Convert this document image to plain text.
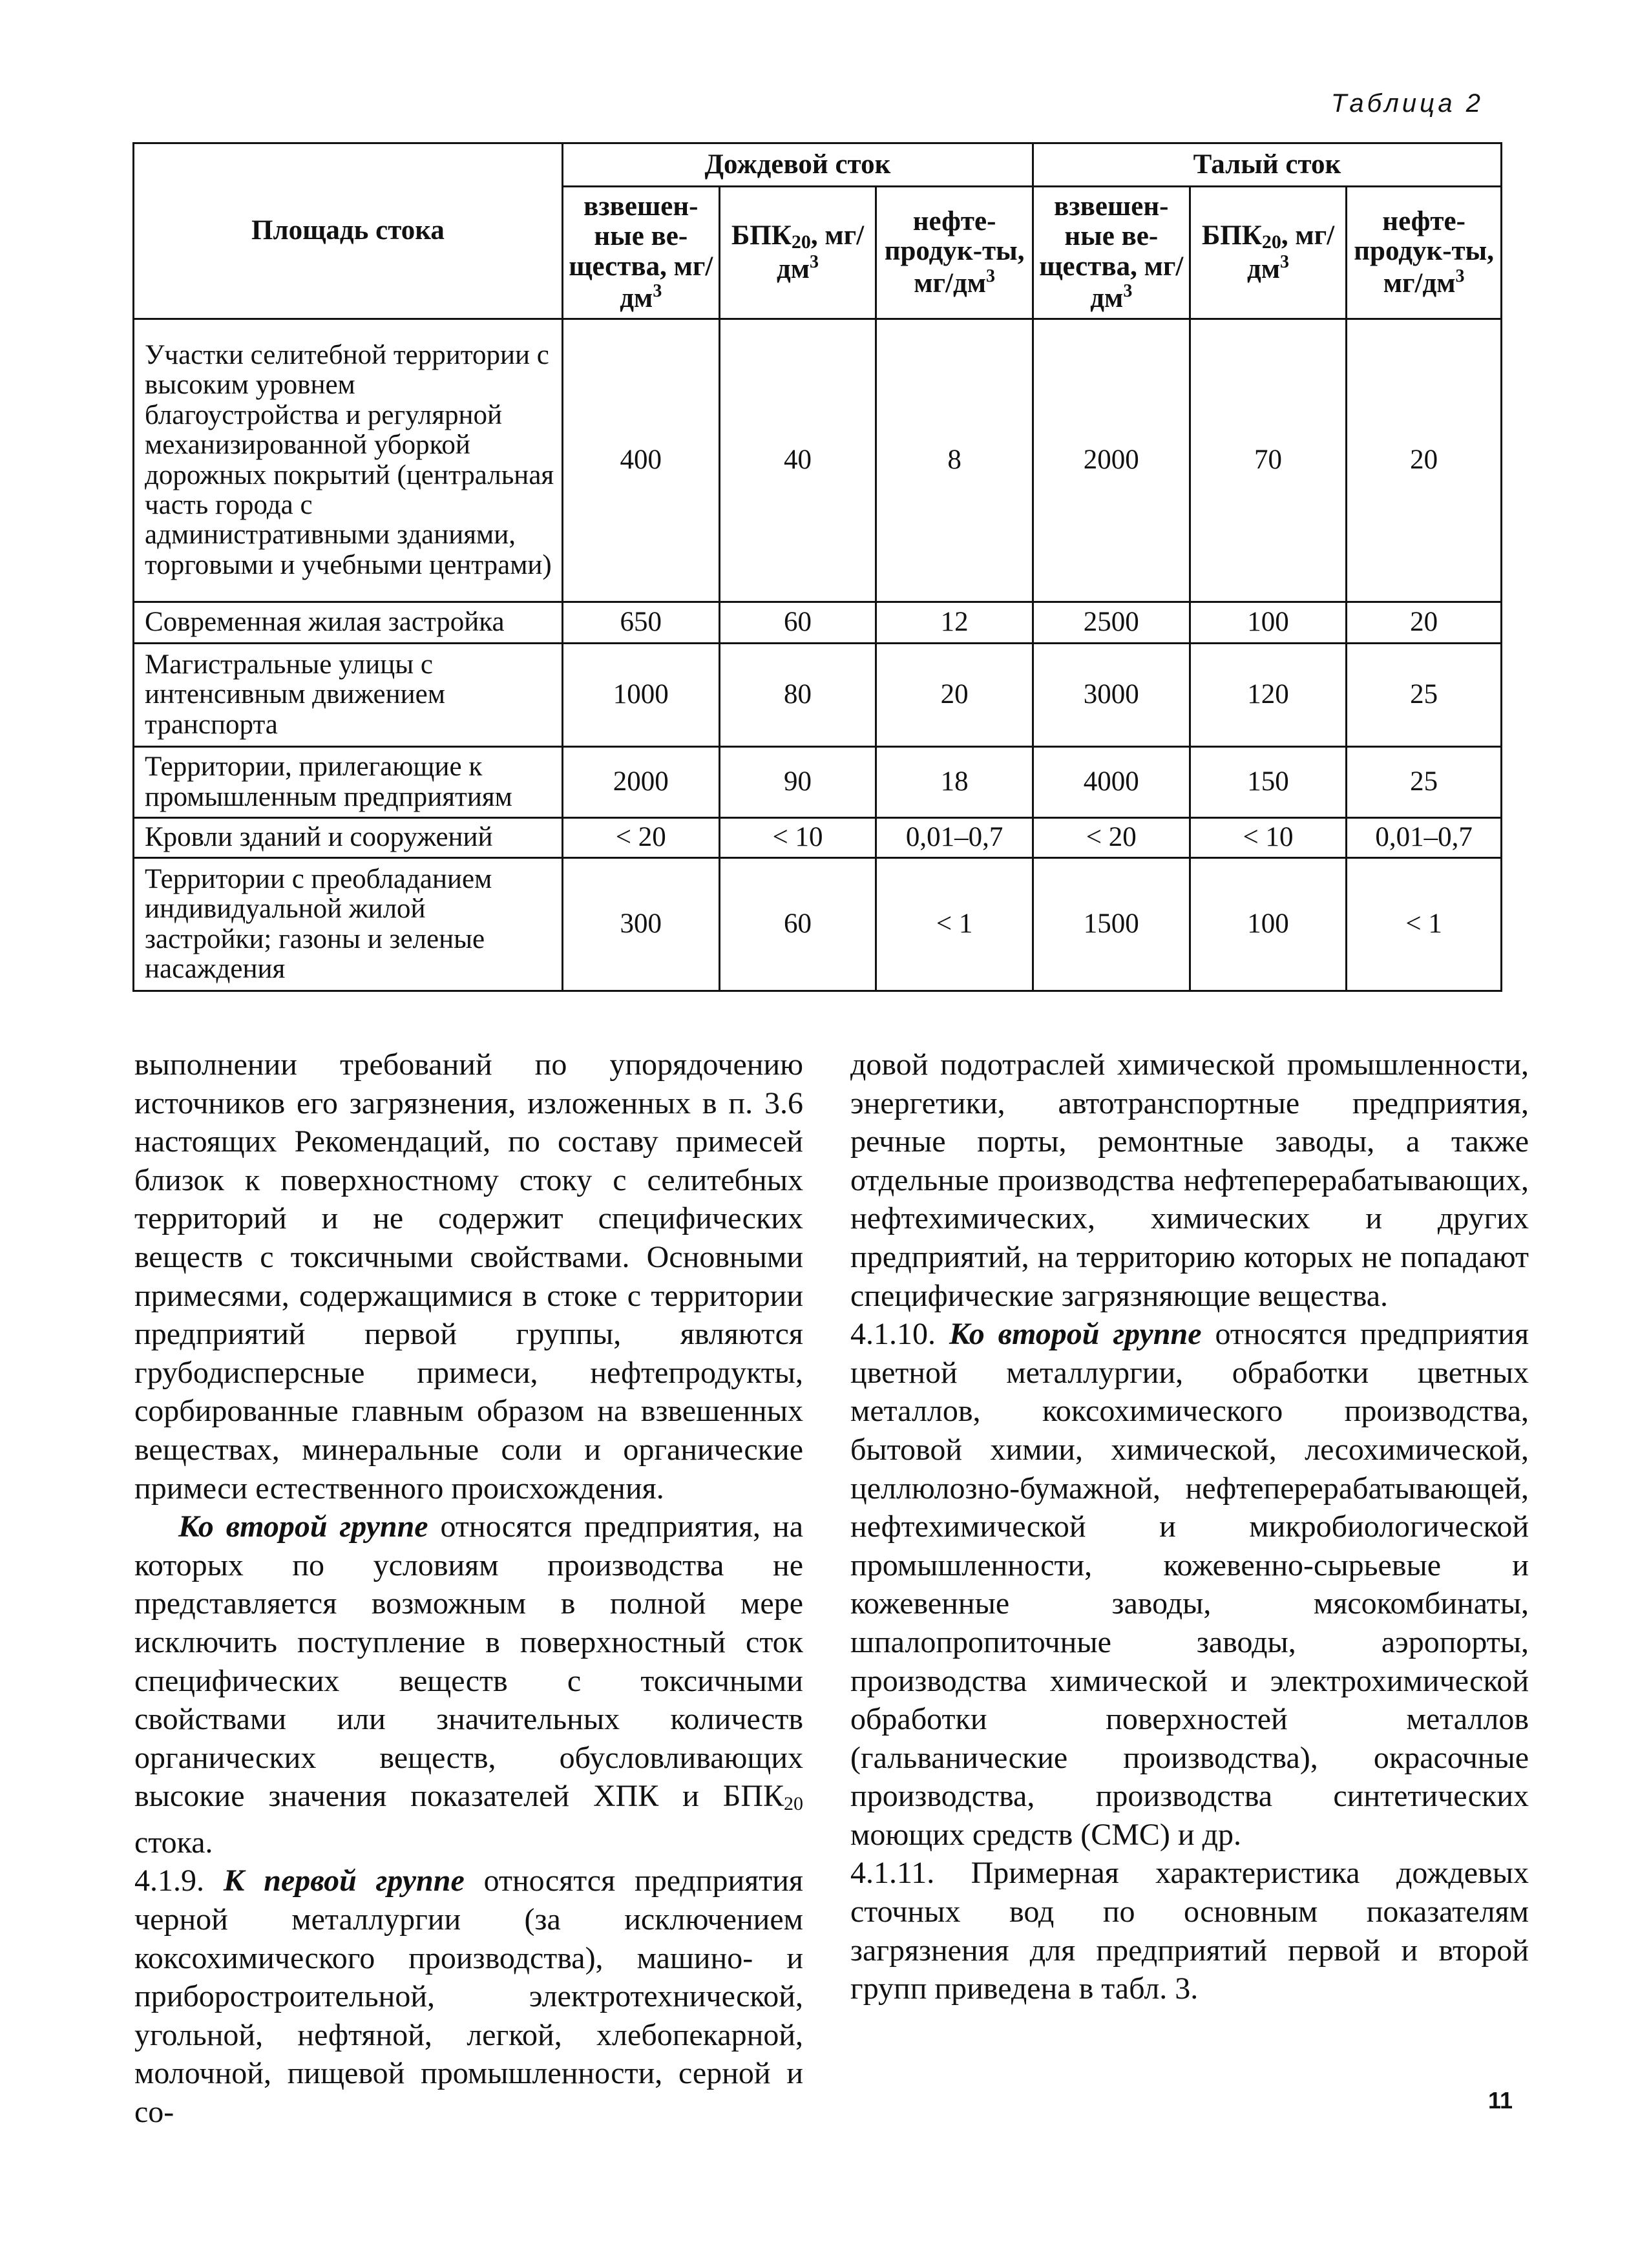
Таблица 2
Площадь стока	Дождевой сток			Талый сток		
	взвешен-ные ве-щества, $мг/дм^3$	$БПК_{20}$, $мг/дм^3$	нефте-продук-ты, $мг/дм^3$	взвешен-ные ве-щества, $мг/дм^3$	$БПК_{20}$, $мг/дм^3$	нефте-продук-ты, $мг/дм^3$
Участки селитебной территории с высоким уровнем благоустройства и регулярной механизированной уборкой дорожных покрытий (центральная часть города с административными зданиями, торговыми и учебными центрами)	400	40	8	2000	70	20
Современная жилая застройка	650	60	12	2500	100	20
Магистральные улицы с интенсивным движением транспорта	1000	80	20	3000	120	25
Территории, прилегающие к промышленным предприятиям	2000	90	18	4000	150	25
Кровли зданий и сооружений	< 20	< 10	0,01–0,7	< 20	< 10	0,01–0,7
Территории с преобладанием индивидуальной жилой застройки; газоны и зеленые насаждения	300	60	< 1	1500	100	< 1

выполнении требований по упорядочению источников его загрязнения, изложенных в п. 3.6 настоящих Рекомендаций, по составу примесей близок к поверхностному стоку с селитебных территорий и не содержит специфических веществ с токсичными свойствами. Основными примесями, содержащимися в стоке с территории предприятий первой группы, являются грубодисперсные примеси, нефтепродукты, сорбированные главным образом на взвешенных веществах, минеральные соли и органические примеси естественного происхождения.

Ко второй группе относятся предприятия, на которых по условиям производства не представляется возможным в полной мере исключить поступление в поверхностный сток специфических веществ с токсичными свойствами или значительных количеств органических веществ, обусловливающих высокие значения показателей ХПК и $БПК_{20}$ стока.

4.1.9. К первой группе относятся предприятия черной металлургии (за исключением коксохимического производства), машино- и приборостроительной, электротехнической, угольной, нефтяной, легкой, хлебопекарной, молочной, пищевой промышленности, серной и со-

довой подотраслей химической промышленности, энергетики, автотранспортные предприятия, речные порты, ремонтные заводы, а также отдельные производства нефтеперерабатывающих, нефтехимических, химических и других предприятий, на территорию которых не попадают специфические загрязняющие вещества.

4.1.10. Ко второй группе относятся предприятия цветной металлургии, обработки цветных металлов, коксохимического производства, бытовой химии, химической, лесохимической, целлюлозно-бумажной, нефтеперерабатывающей, нефтехимической и микробиологической промышленности, кожевенно-сырьевые и кожевенные заводы, мясокомбинаты, шпалопропиточные заводы, аэропорты, производства химической и электрохимической обработки поверхностей металлов (гальванические производства), окрасочные производства, производства синтетических моющих средств (СМС) и др.

4.1.11. Примерная характеристика дождевых сточных вод по основным показателям загрязнения для предприятий первой и второй групп приведена в табл. 3.

11
